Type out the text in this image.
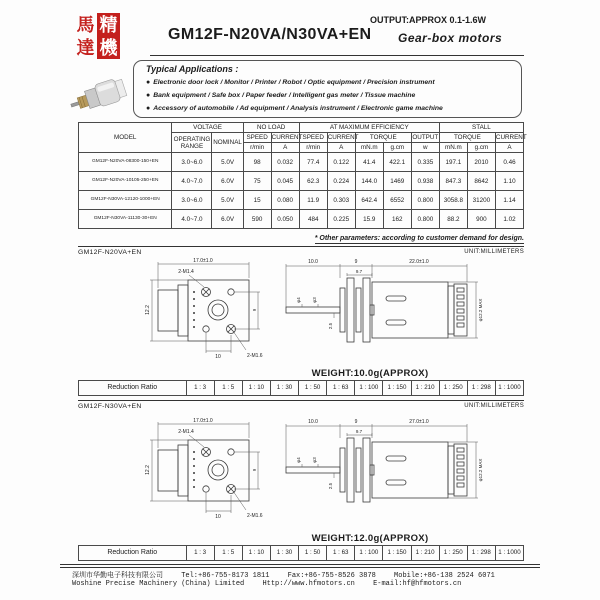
馬 精
達 機
GM12F-N20VA/N30VA+EN
OUTPUT:APPROX 0.1-1.6W
Gear-box motors
Typical Applications :
● Electronic door lock / Monitor / Printer / Robot / Optic equipment / Precision instrument
● Bank equipment / Safe box / Paper feeder / Intelligent gas meter / Tissue machine
● Accessory of automobile / Ad equipment / Analysis instrument / Electronic game machine
MODEL	VOLTAGE		NO LOAD		AT MAXIMUM EFFICIENCY					STALL		
	OPERATING RANGE	NOMINAL	SPEED	CURRENT	SPEED	CURRENT	TORQUE		OUTPUT	TORQUE		CURRENT
			r/min	A	r/min	A	mN.m	g.cm	w	mN.m	g.cm	A
GM12F-N20VA-08300-150+EN	3.0~6.0	5.0V	98	0.032	77.4	0.122	41.4	422.1	0.335	197.1	2010	0.46
GM12F-N20VA-10105-250+EN	4.0~7.0	6.0V	75	0.045	62.3	0.224	144.0	1469	0.938	847.3	8642	1.10
GM12F-N30VA-12120-1000+EN	3.0~6.0	5.0V	15	0.080	11.9	0.303	642.4	6552	0.800	3058.8	31200	1.14
GM12F-N30VA-11130-30+EN	4.0~7.0	6.0V	590	0.050	484	0.225	15.9	162	0.800	88.2	900	1.02
* Other parameters: according to customer demand for design.
GM12F-N20VA+EN	UNIT:MILLIMETERS
17.0±1.0
2-M1.4
12.2
10	2-M1.6
9
10.0	9
9.7
22.0±1.0
φ4 φ3
2.5
φ12.2 MAX
WEIGHT:10.0g(APPROX)
Reduction Ratio	1 : 3	1 : 5	1 : 10	1 : 30	1 : 50	1 : 63	1 : 100	1 : 150	1 : 210	1 : 250	1 : 298	1 : 1000
GM12F-N30VA+EN	UNIT:MILLIMETERS
17.0±1.0
2-M1.4
12.2
10	2-M1.6
9
10.0	9
9.7
27.0±1.0
φ4 φ3
2.5
φ12.2 MAX
WEIGHT:12.0g(APPROX)
Reduction Ratio	1 : 3	1 : 5	1 : 10	1 : 30	1 : 50	1 : 63	1 : 100	1 : 150	1 : 210	1 : 250	1 : 298	1 : 1000
深圳市华勤电子科技有限公司	Tel:+86-755-8173 1811	Fax:+86-755-8526 3878	Mobile:+86-138 2524 6071
Woshine Precise Machinery (China) Limited	Http://www.hfmotors.cn	E-mail:hf@hfmotors.cn
